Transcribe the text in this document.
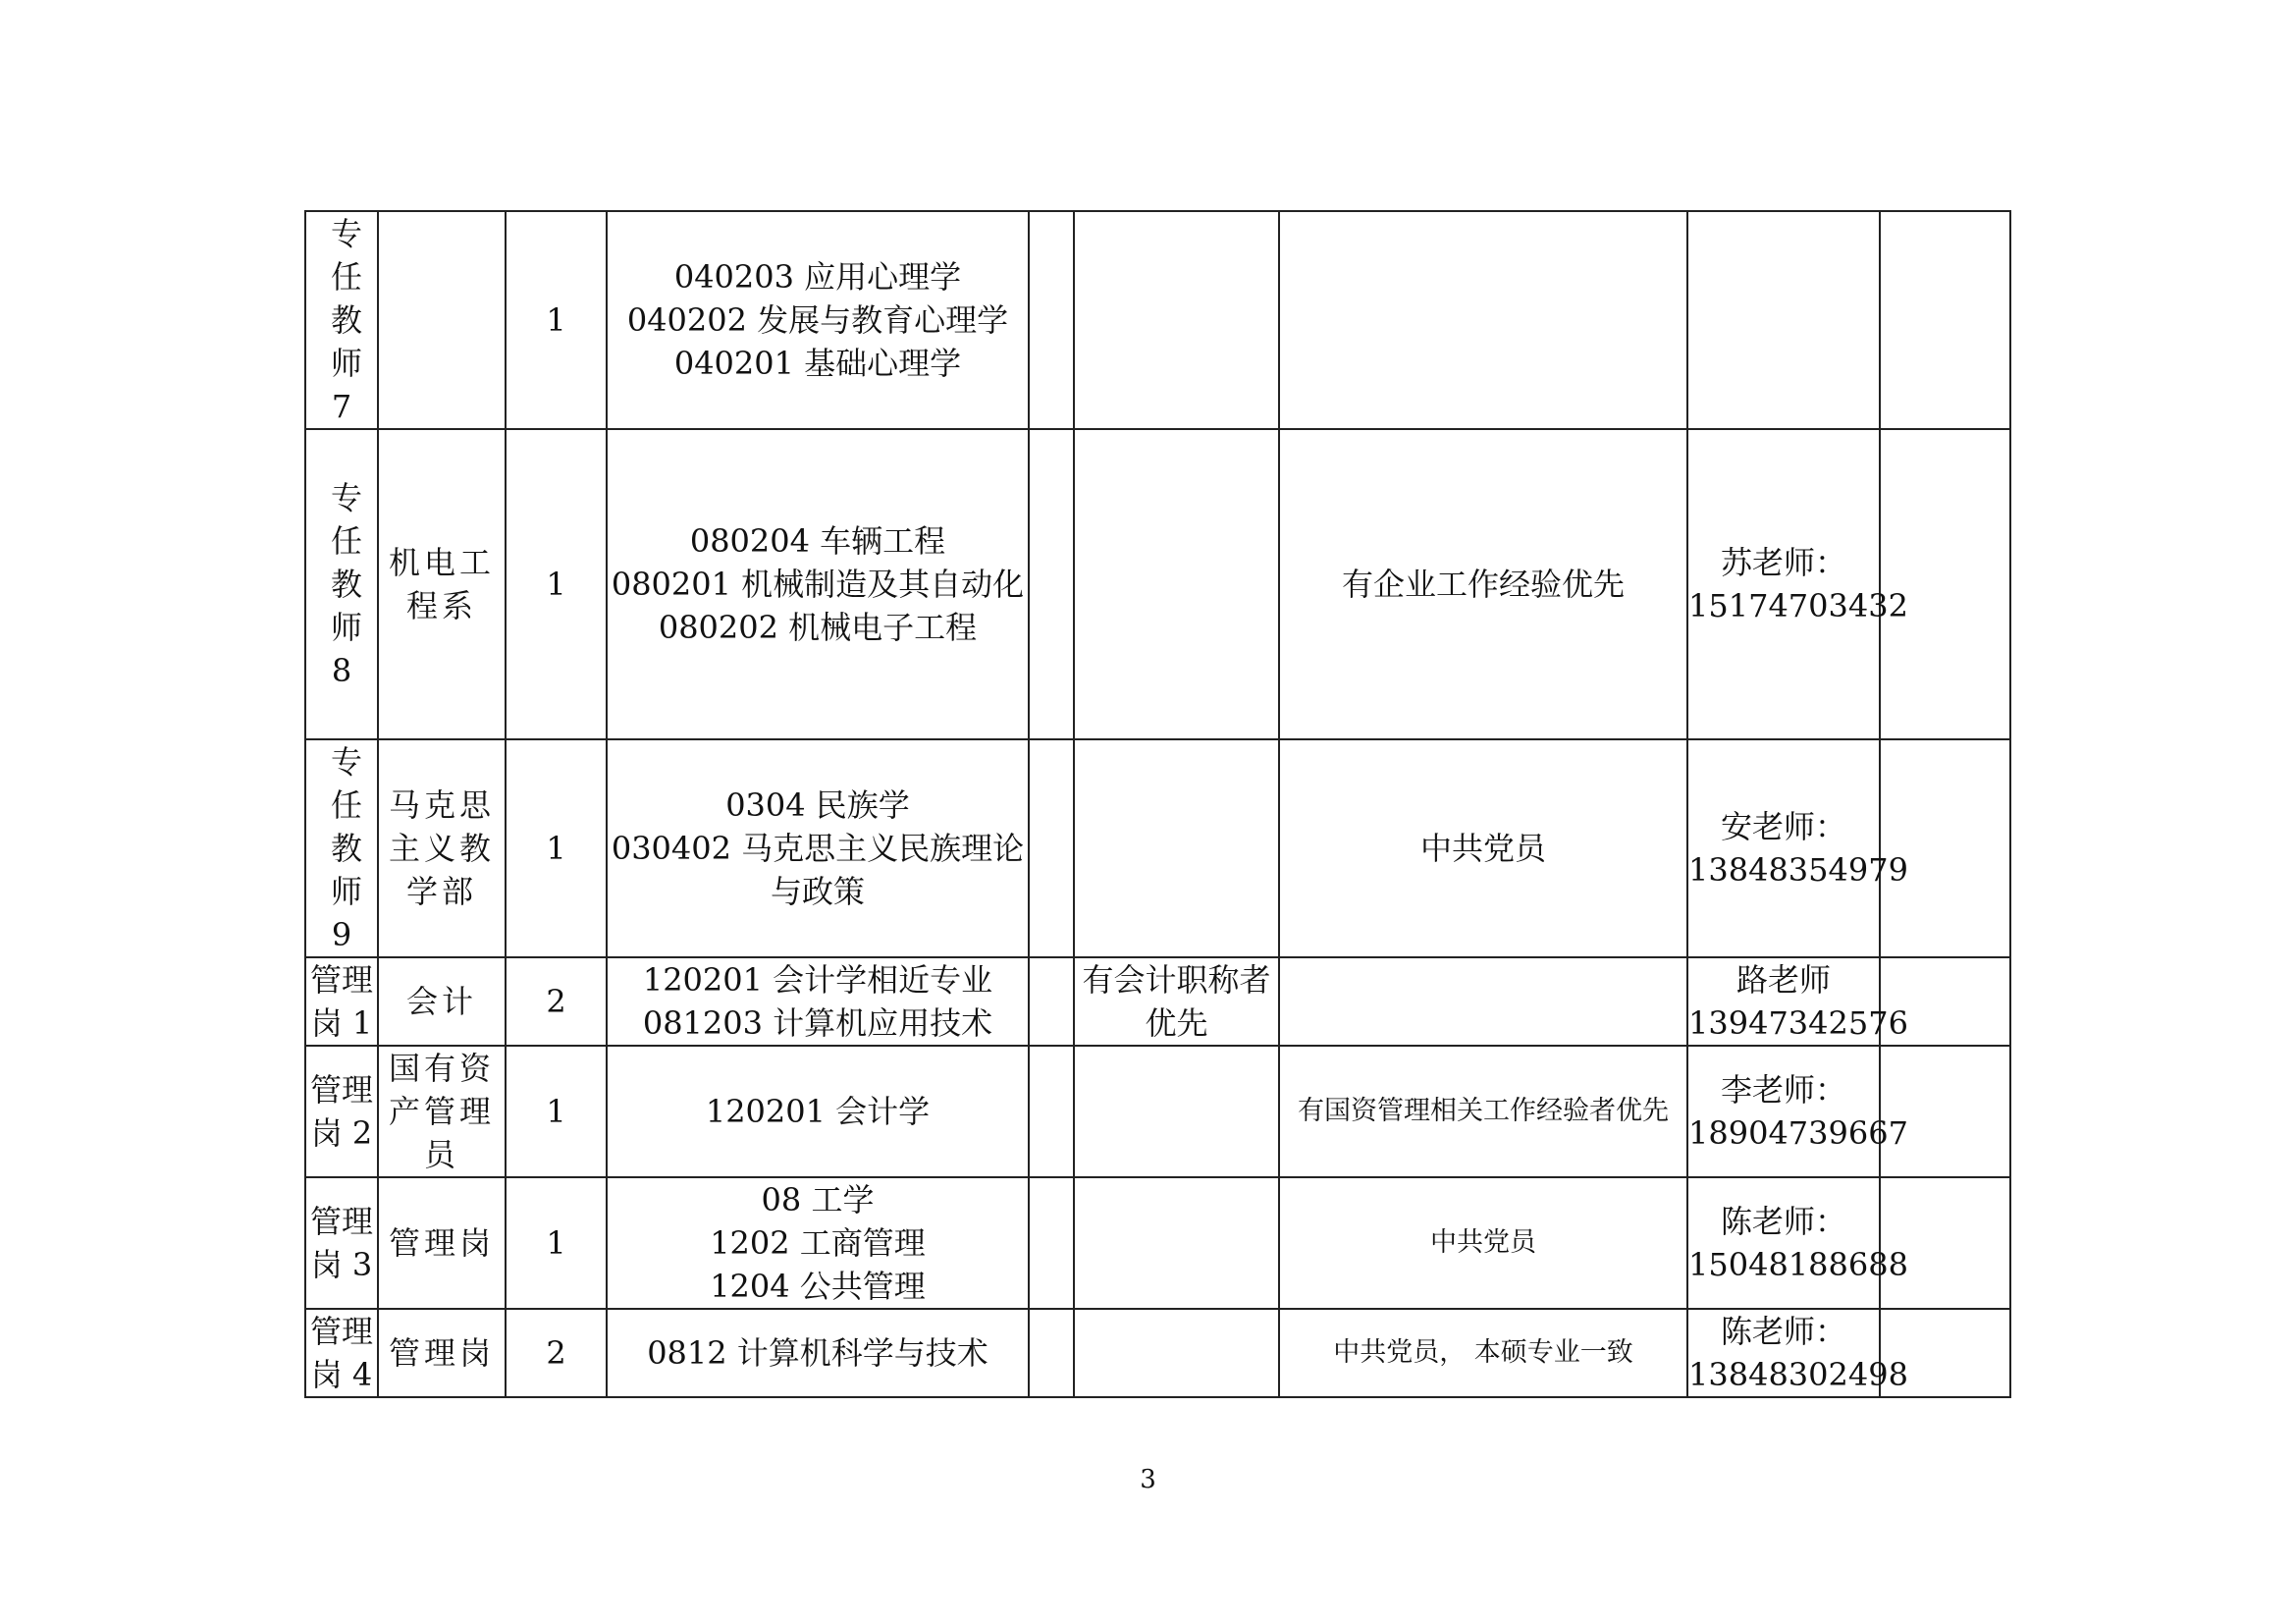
专任教师7		1	040203 应用心理学
040202 发展与教育心理学
040201 基础心理学					

专任教师8	机电工程系	1	080204 车辆工程
080201 机械制造及其自动化
080202 机械电子工程			有企业工作经验优先	苏老师：
15174703432	

专任教师9	马克思主义教学部	1	0304 民族学
030402 马克思主义民族理论
与政策			中共党员	安老师：
13848354979	

管理
岗 1	会计	2	120201 会计学相近专业
081203 计算机应用技术		有会计职称者
优先		路老师
13947342576	

管理
岗 2	国有资产管理员	1	120201 会计学			有国资管理相关工作经验者优先	李老师：
18904739667	

管理
岗 3	管理岗	1	08 工学
1202 工商管理
1204 公共管理			中共党员	陈老师：
15048188688	

管理
岗 4	管理岗	2	0812 计算机科学与技术			中共党员， 本硕专业一致	陈老师：
13848302498	

3
